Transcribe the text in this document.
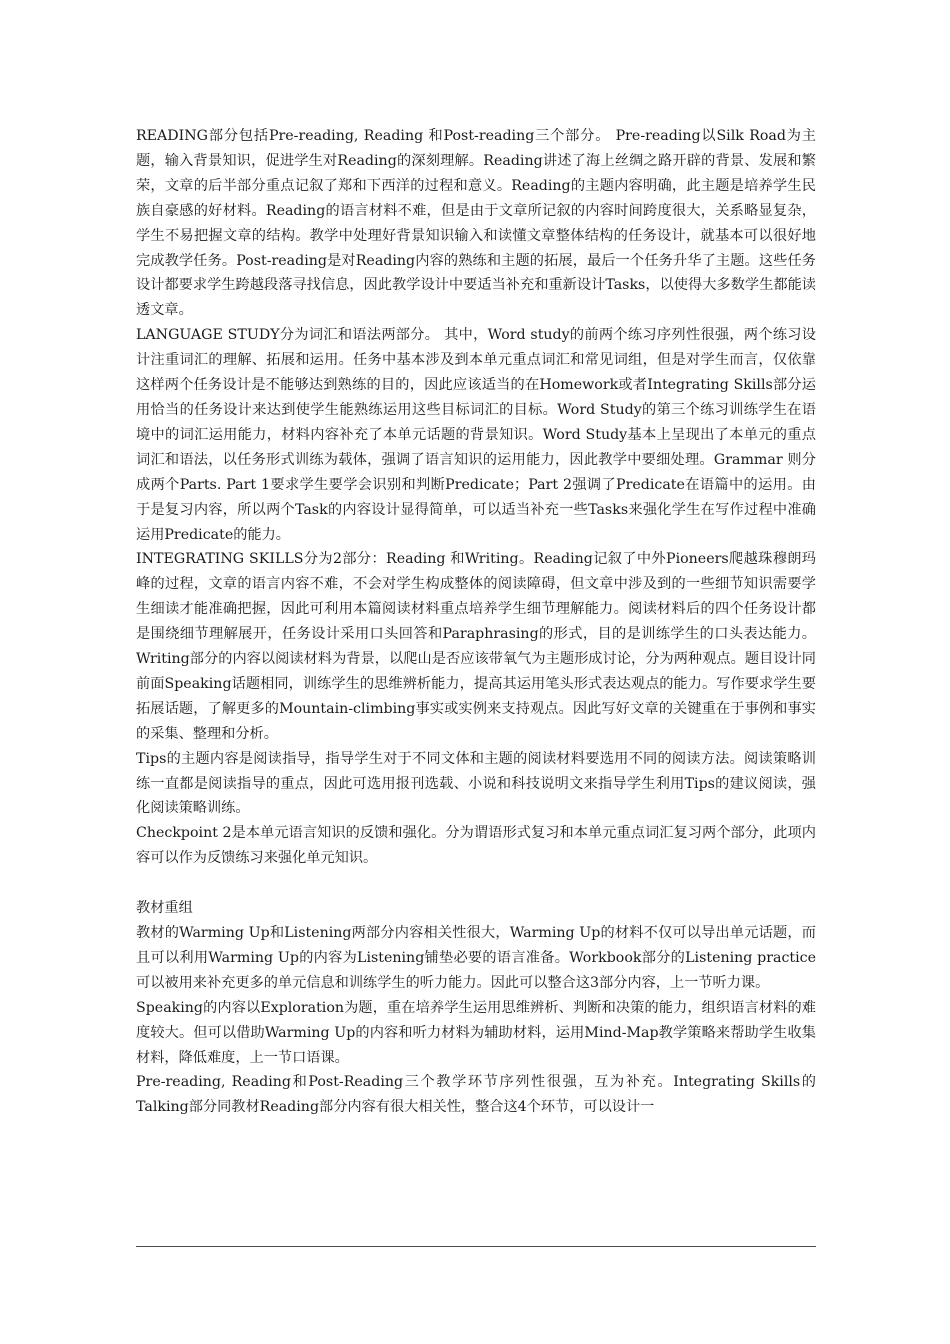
READING部分包括Pre-reading, Reading 和Post-reading三个部分。 Pre-reading以Silk Road为主题，输入背景知识，促进学生对Reading的深刻理解。Reading讲述了海上丝绸之路开辟的背景、发展和繁荣，文章的后半部分重点记叙了郑和下西洋的过程和意义。Reading的主题内容明确，此主题是培养学生民族自豪感的好材料。Reading的语言材料不难，但是由于文章所记叙的内容时间跨度很大，关系略显复杂，学生不易把握文章的结构。教学中处理好背景知识输入和读懂文章整体结构的任务设计，就基本可以很好地完成教学任务。Post-reading是对Reading内容的熟练和主题的拓展，最后一个任务升华了主题。这些任务设计都要求学生跨越段落寻找信息，因此教学设计中要适当补充和重新设计Tasks，以使得大多数学生都能读透文章。

LANGUAGE STUDY分为词汇和语法两部分。 其中，Word study的前两个练习序列性很强，两个练习设计注重词汇的理解、拓展和运用。任务中基本涉及到本单元重点词汇和常见词组，但是对学生而言，仅依靠这样两个任务设计是不能够达到熟练的目的，因此应该适当的在Homework或者Integrating Skills部分运用恰当的任务设计来达到使学生能熟练运用这些目标词汇的目标。Word Study的第三个练习训练学生在语境中的词汇运用能力，材料内容补充了本单元话题的背景知识。Word Study基本上呈现出了本单元的重点词汇和语法，以任务形式训练为载体，强调了语言知识的运用能力，因此教学中要细处理。Grammar 则分成两个Parts. Part 1要求学生要学会识别和判断Predicate；Part 2强调了Predicate在语篇中的运用。由于是复习内容，所以两个Task的内容设计显得简单，可以适当补充一些Tasks来强化学生在写作过程中准确运用Predicate的能力。

INTEGRATING SKILLS分为2部分：Reading 和Writing。Reading记叙了中外Pioneers爬越珠穆朗玛峰的过程，文章的语言内容不难，不会对学生构成整体的阅读障碍，但文章中涉及到的一些细节知识需要学生细读才能准确把握，因此可利用本篇阅读材料重点培养学生细节理解能力。阅读材料后的四个任务设计都是围绕细节理解展开，任务设计采用口头回答和Paraphrasing的形式，目的是训练学生的口头表达能力。Writing部分的内容以阅读材料为背景，以爬山是否应该带氧气为主题形成讨论，分为两种观点。题目设计同前面Speaking话题相同，训练学生的思维辨析能力，提高其运用笔头形式表达观点的能力。写作要求学生要拓展话题，了解更多的Mountain-climbing事实或实例来支持观点。因此写好文章的关键重在于事例和事实的采集、整理和分析。

Tips的主题内容是阅读指导，指导学生对于不同文体和主题的阅读材料要选用不同的阅读方法。阅读策略训练一直都是阅读指导的重点，因此可选用报刊选载、小说和科技说明文来指导学生利用Tips的建议阅读，强化阅读策略训练。

Checkpoint 2是本单元语言知识的反馈和强化。分为谓语形式复习和本单元重点词汇复习两个部分，此项内容可以作为反馈练习来强化单元知识。

教材重组

教材的Warming Up和Listening两部分内容相关性很大，Warming Up的材料不仅可以导出单元话题，而且可以利用Warming Up的内容为Listening铺垫必要的语言准备。Workbook部分的Listening practice可以被用来补充更多的单元信息和训练学生的听力能力。因此可以整合这3部分内容，上一节听力课。

Speaking的内容以Exploration为题，重在培养学生运用思维辨析、判断和决策的能力，组织语言材料的难度较大。但可以借助Warming Up的内容和听力材料为辅助材料，运用Mind-Map教学策略来帮助学生收集材料，降低难度，上一节口语课。

Pre-reading, Reading和Post-Reading三个教学环节序列性很强，互为补充。Integrating Skills的Talking部分同教材Reading部分内容有很大相关性，整合这4个环节，可以设计一
